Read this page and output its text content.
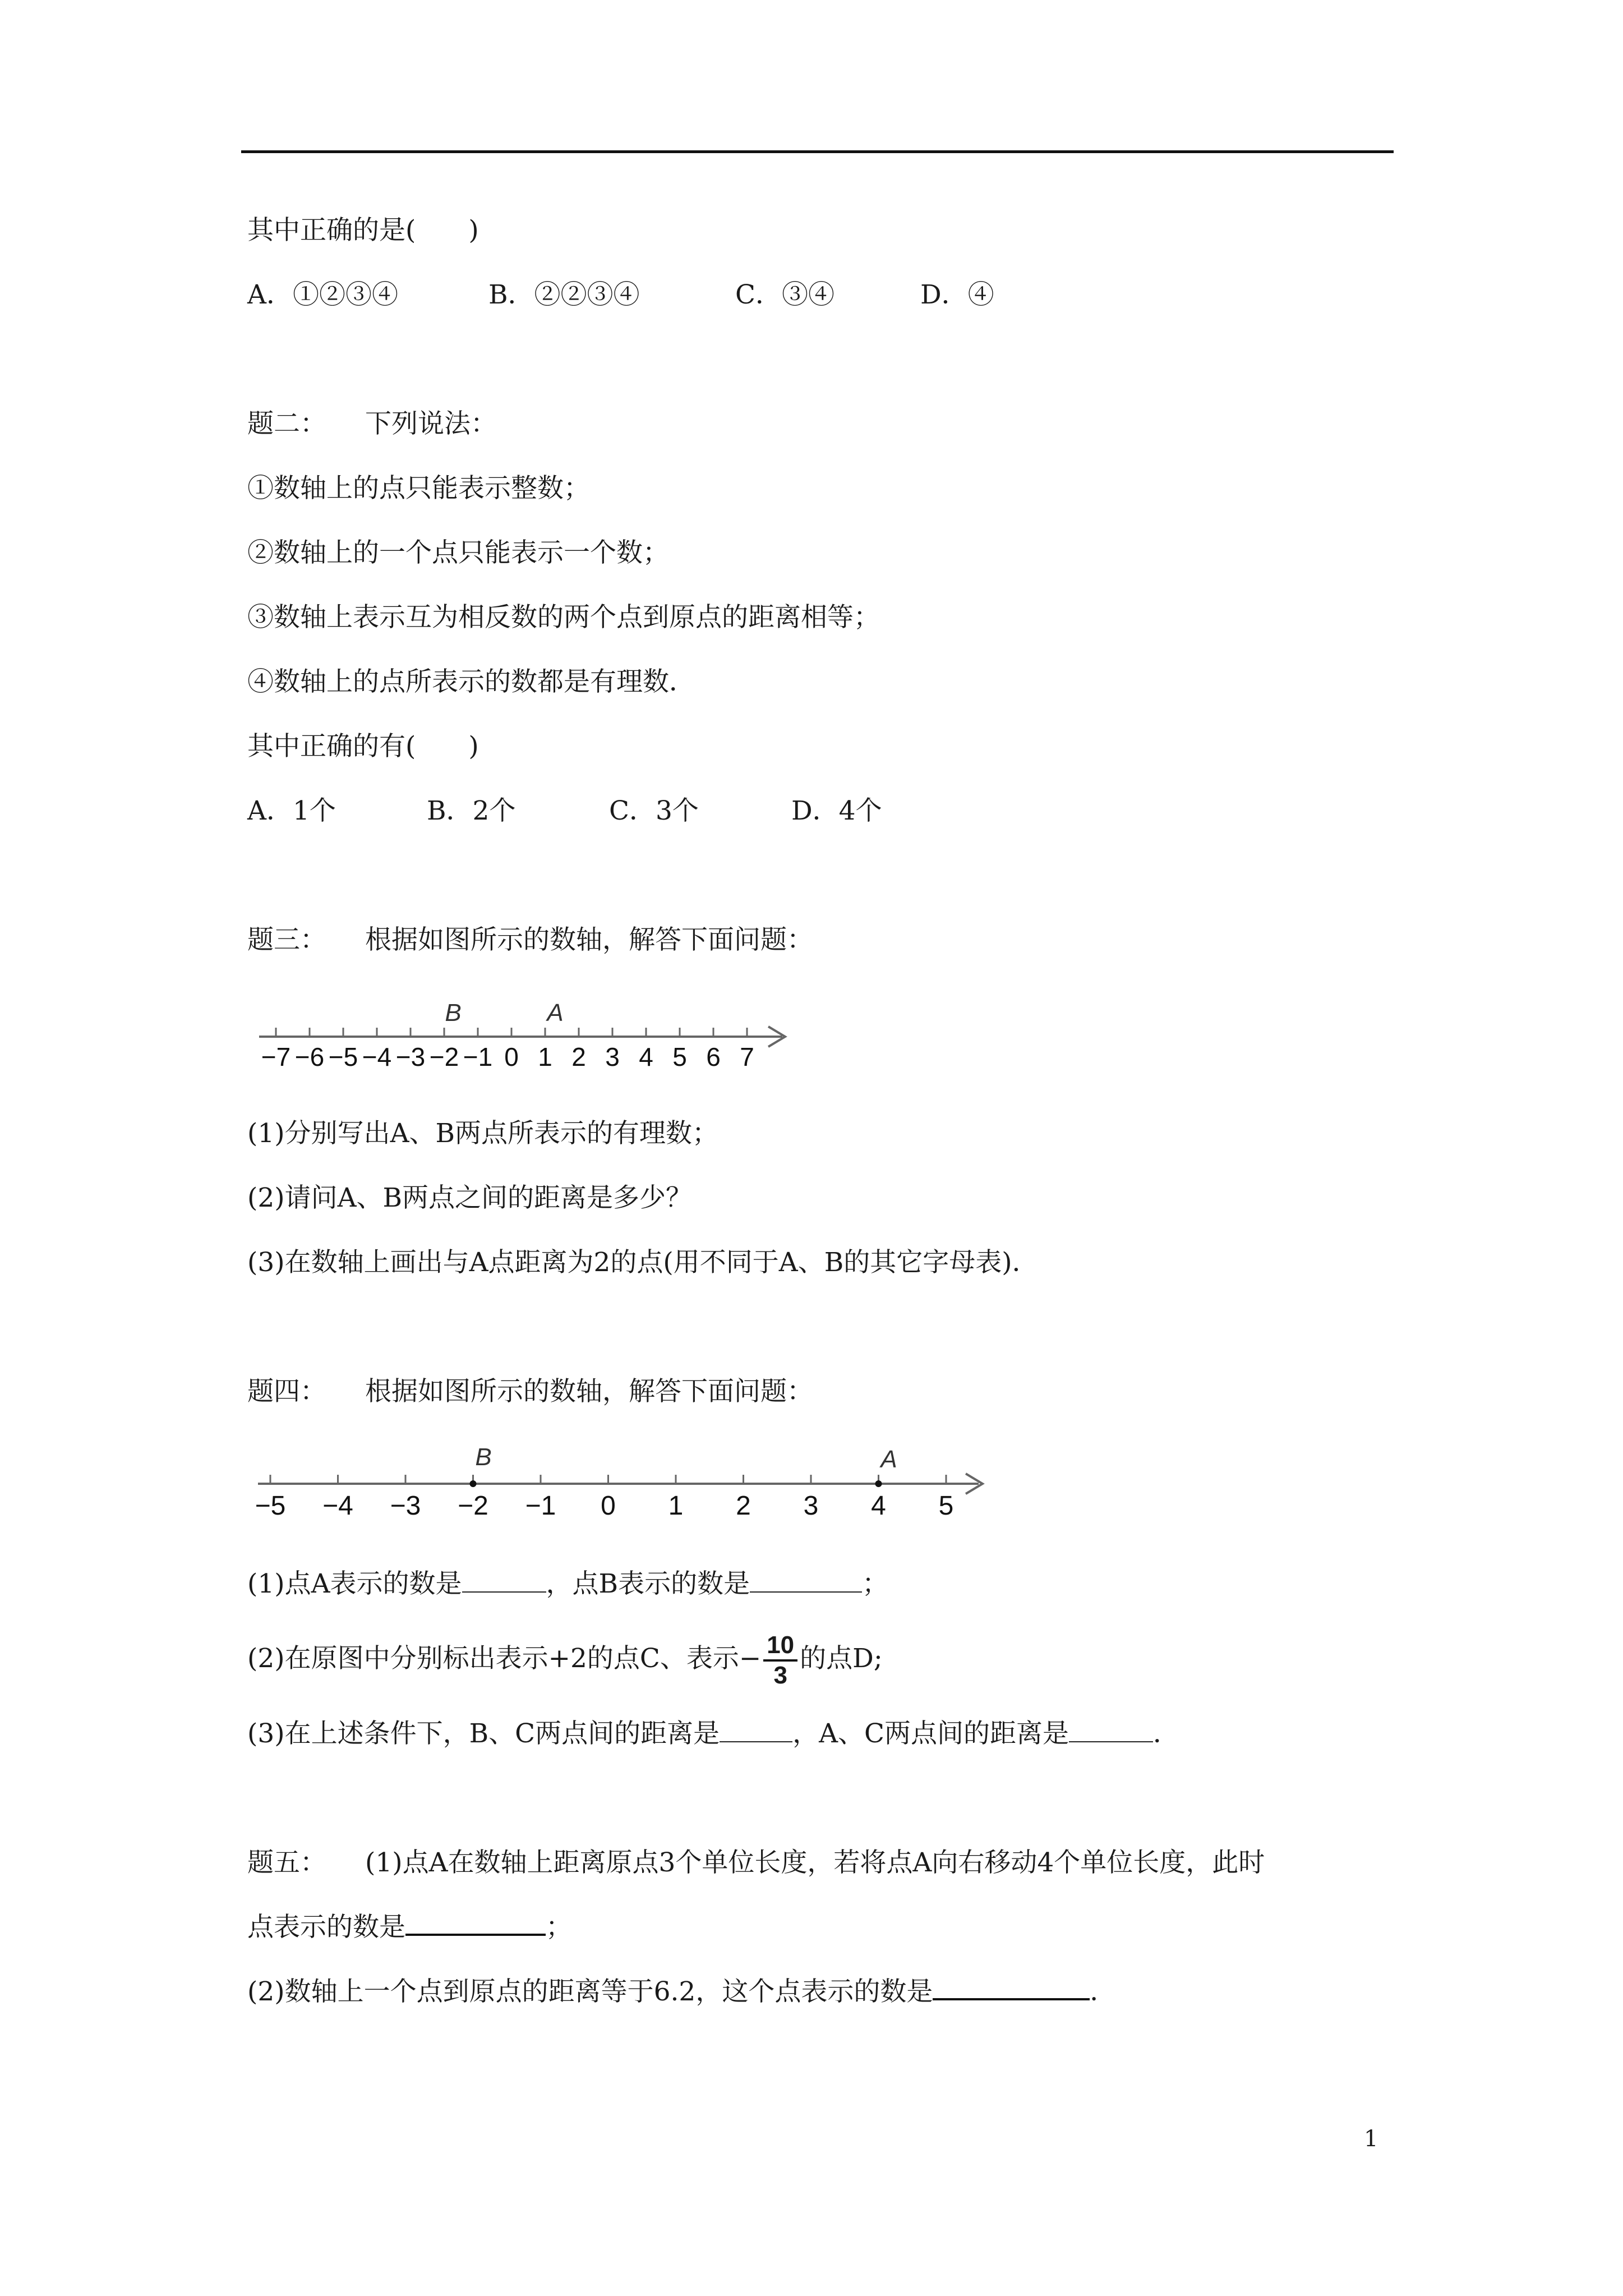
其中正确的是(　　)
A．①②③④	B．②②③④	C．③④	D．④
题二： 下列说法：
①数轴上的点只能表示整数；
②数轴上的一个点只能表示一个数；
③数轴上表示互为相反数的两个点到原点的距离相等；
④数轴上的点所表示的数都是有理数．
其中正确的有(　　)
A．1个	B．2个	C．3个	D．4个
题三： 根据如图所示的数轴，解答下面问题：
−7 −6 −5 −4 −3 −2 −1 0 1 2 3 4 5 6 7
B	A
(1)分别写出A、B两点所表示的有理数；
(2)请问A、B两点之间的距离是多少？
(3)在数轴上画出与A点距离为2的点(用不同于A、B的其它字母表)．
题四： 根据如图所示的数轴，解答下面问题：
−5 −4 −3 −2 −1 0 1 2 3 4 5
B	A
(1)点A表示的数是	，点B表示的数是	；
(2)在原图中分别标出表示+2的点C、表示− $\frac{10}{3}$ 的点D;
(3)在上述条件下，B、C两点间的距离是	，A、C两点间的距离是	．
题五： (1)点A在数轴上距离原点3个单位长度，若将点A向右移动4个单位长度，此时
点表示的数是	；
(2)数轴上一个点到原点的距离等于6.2，这个点表示的数是	．
1
